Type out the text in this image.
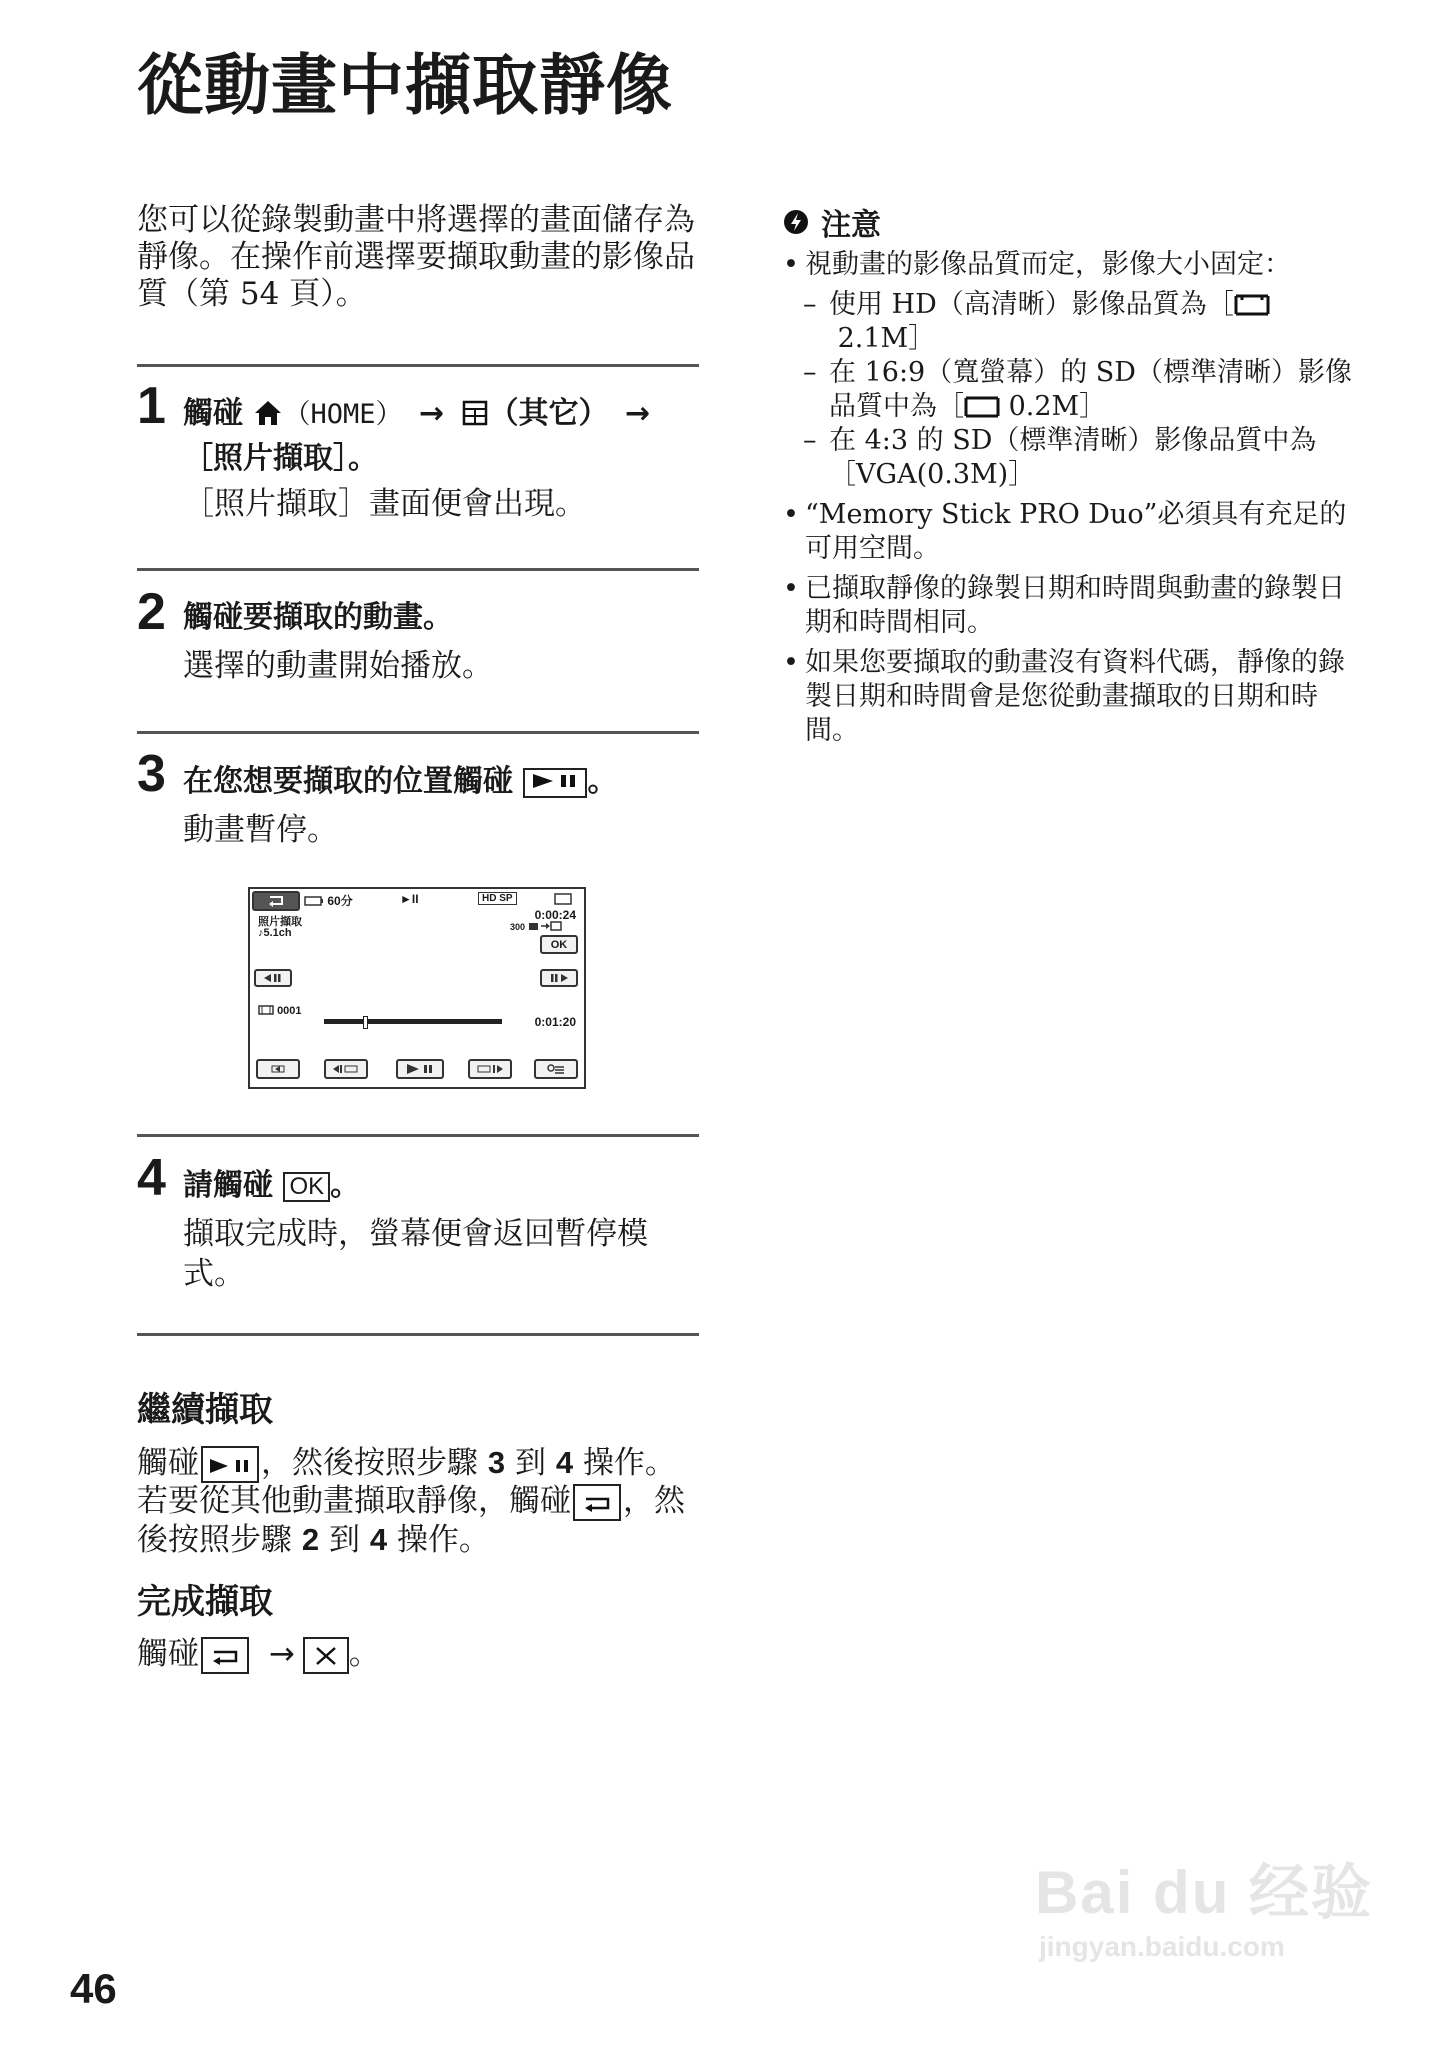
從動畫中擷取靜像
您可以從錄製動畫中將選擇的畫面儲存為靜像。在操作前選擇要擷取動畫的影像品質（第 54 頁）。
1 觸碰 （HOME） → （其它） →
［照片擷取］。
［照片擷取］畫面便會出現。
2 觸碰要擷取的動畫。
選擇的動畫開始播放。
3 在您想要擷取的位置觸碰 。
動畫暫停。
60分	►II	HD SP
0:00:24
照片擷取
♪5.1ch	300
OK
0001
0:01:20
4 請觸碰 OK 。
擷取完成時，螢幕便會返回暫停模式。
繼續擷取
觸碰 ，然後按照步驟 3 到 4 操作。
若要從其他動畫擷取靜像，觸碰 ，然
後按照步驟 2 到 4 操作。
完成擷取
觸碰 → 。
注意
• 視動畫的影像品質而定，影像大小固定：
– 使用 HD（高清晰）影像品質為［ 2.1M］
– 在 16:9（寬螢幕）的 SD（標準清晰）影像品質中為［ 0.2M］
– 在 4:3 的 SD（標準清晰）影像品質中為［VGA(0.3M)］
• “Memory Stick PRO Duo”必須具有充足的可用空間。
• 已擷取靜像的錄製日期和時間與動畫的錄製日期和時間相同。
• 如果您要擷取的動畫沒有資料代碼，靜像的錄製日期和時間會是您從動畫擷取的日期和時間。
46
Bai du 经验
jingyan.baidu.com
